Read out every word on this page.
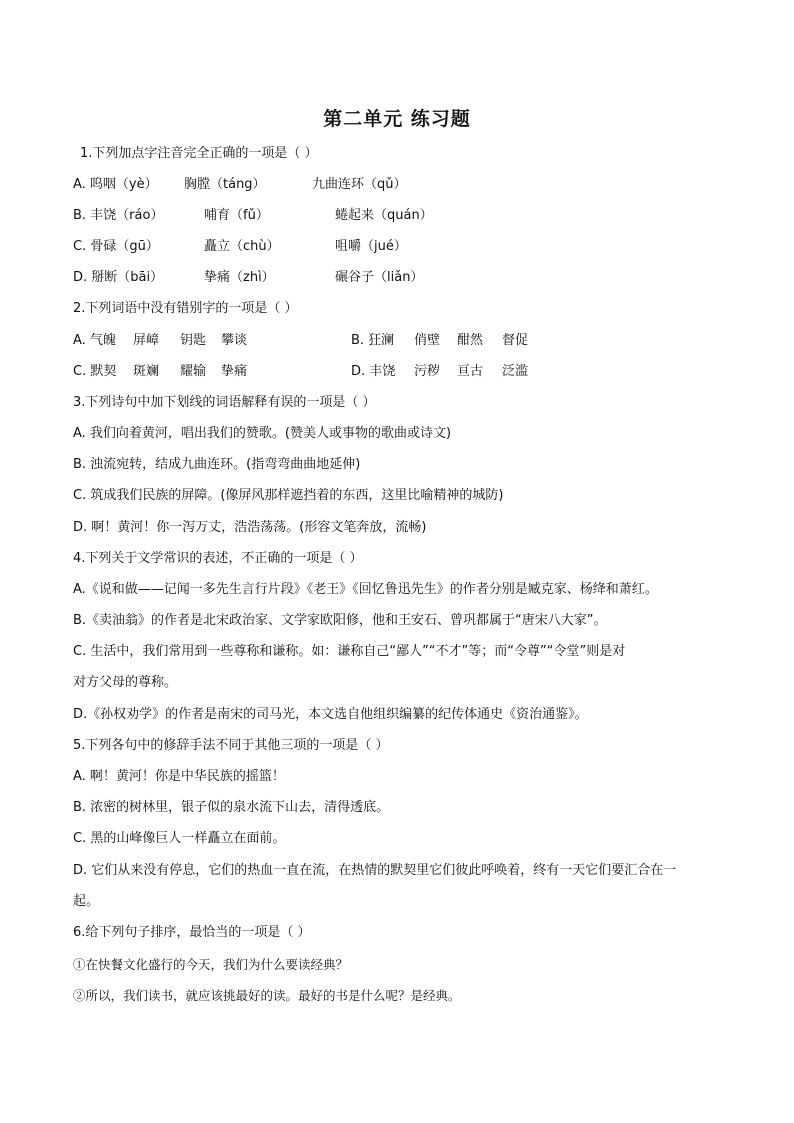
第二单元 练习题
1.下列加点字注音完全正确的一项是（ ）
A. 呜咽（yè） 胸膛（táng）	九曲连环（qǔ）
B. 丰饶（ráo）	哺育（fǔ）	蜷起来（quán）
C. 骨碌（gū）	矗立（chù）	咀嚼（jué）
D. 掰断（bāi）	挚痛（zhì）	碾谷子（liǎn）
2.下列词语中没有错别字的一项是（ ）
A. 气魄 屏嶂 钥匙 攀谈	B. 狂澜 俏壁 酣然 督促
C. 默契 斑斓 耀输 挚痛	D. 丰饶 污秽 亘古 泛滥
3.下列诗句中加下划线的词语解释有误的一项是（ ）
A. 我们向着黄河，唱出我们的赞歌。(赞美人或事物的歌曲或诗文)
B. 浊流宛转，结成九曲连环。(指弯弯曲曲地延伸)
C. 筑成我们民族的屏障。(像屏风那样遮挡着的东西，这里比喻精神的城防)
D. 啊！黄河！你一泻万丈，浩浩荡荡。(形容文笔奔放，流畅)
4.下列关于文学常识的表述，不正确的一项是（ ）
A.《说和做——记闻一多先生言行片段》《老王》《回忆鲁迅先生》的作者分别是臧克家、杨绛和萧红。
B.《卖油翁》的作者是北宋政治家、文学家欧阳修，他和王安石、曾巩都属于“唐宋八大家”。
C. 生活中，我们常用到一些尊称和谦称。如：谦称自己“鄙人”“不才”等；而“令尊”“令堂”则是对
对方父母的尊称。
D.《孙权劝学》的作者是南宋的司马光，本文选自他组织编纂的纪传体通史《资治通鉴》。
5.下列各句中的修辞手法不同于其他三项的一项是（ ）
A. 啊！黄河！你是中华民族的摇篮！
B. 浓密的树林里，银子似的泉水流下山去，清得透底。
C. 黑的山峰像巨人一样矗立在面前。
D. 它们从来没有停息，它们的热血一直在流，在热情的默契里它们彼此呼唤着，终有一天它们要汇合在一
起。
6.给下列句子排序，最恰当的一项是（ ）
①在快餐文化盛行的今天，我们为什么要读经典？
②所以，我们读书，就应该挑最好的读。最好的书是什么呢？是经典。
